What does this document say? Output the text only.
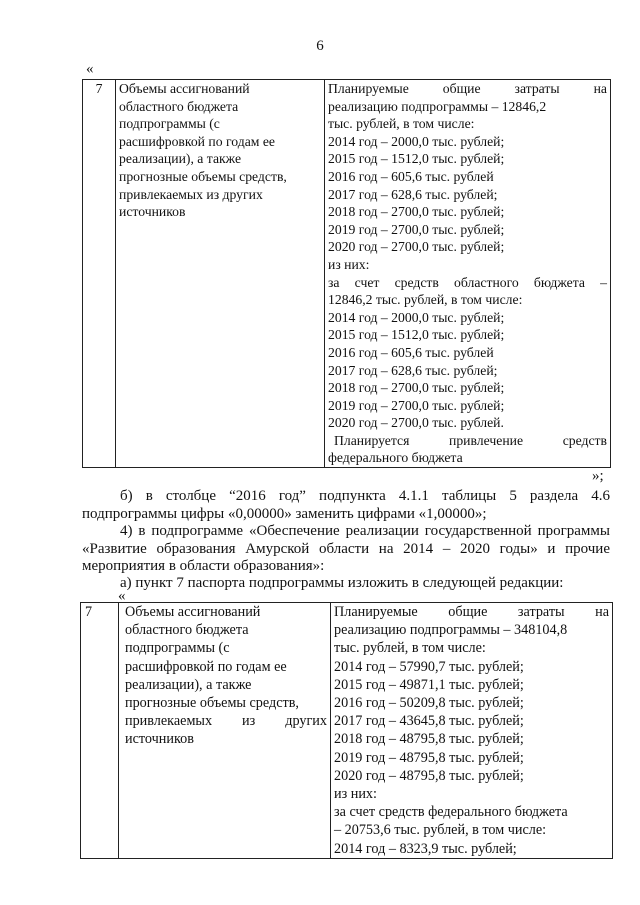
6
«
7	Объемы ассигнований
областного бюджета
подпрограммы (с
расшифровкой по годам ее
реализации), а также
прогнозные объемы средств,
привлекаемых из других
источников

Планируемые общие затраты на
реализацию подпрограммы – 12846,2
тыс. рублей, в том числе:
2014 год – 2000,0 тыс. рублей;
2015 год – 1512,0 тыс. рублей;
2016 год – 605,6 тыс. рублей
2017 год – 628,6 тыс. рублей;
2018 год – 2700,0 тыс. рублей;
2019 год – 2700,0 тыс. рублей;
2020 год – 2700,0 тыс. рублей;
из них:
за счет средств областного бюджета –
12846,2 тыс. рублей, в том числе:
2014 год – 2000,0 тыс. рублей;
2015 год – 1512,0 тыс. рублей;
2016 год – 605,6 тыс. рублей
2017 год – 628,6 тыс. рублей;
2018 год – 2700,0 тыс. рублей;
2019 год – 2700,0 тыс. рублей;
2020 год – 2700,0 тыс. рублей.
Планируется привлечение средств
федерального бюджета
»;
б) в столбце “2016 год” подпункта 4.1.1 таблицы 5 раздела 4.6 подпрограммы цифры «0,00000» заменить цифрами «1,00000»;
4) в подпрограмме «Обеспечение реализации государственной программы «Развитие образования Амурской области на 2014 – 2020 годы» и прочие мероприятия в области образования»:
а) пункт 7 паспорта подпрограммы изложить в следующей редакции:
«
7	Объемы ассигнований
областного бюджета
подпрограммы (с
расшифровкой по годам ее
реализации), а также
прогнозные объемы средств,
привлекаемых из других
источников

Планируемые общие затраты на
реализацию подпрограммы – 348104,8
тыс. рублей, в том числе:
2014 год – 57990,7 тыс. рублей;
2015 год – 49871,1 тыс. рублей;
2016 год – 50209,8 тыс. рублей;
2017 год – 43645,8 тыс. рублей;
2018 год – 48795,8 тыс. рублей;
2019 год – 48795,8 тыс. рублей;
2020 год – 48795,8 тыс. рублей;
из них:
за счет средств федерального бюджета
– 20753,6 тыс. рублей, в том числе:
2014 год – 8323,9 тыс. рублей;
